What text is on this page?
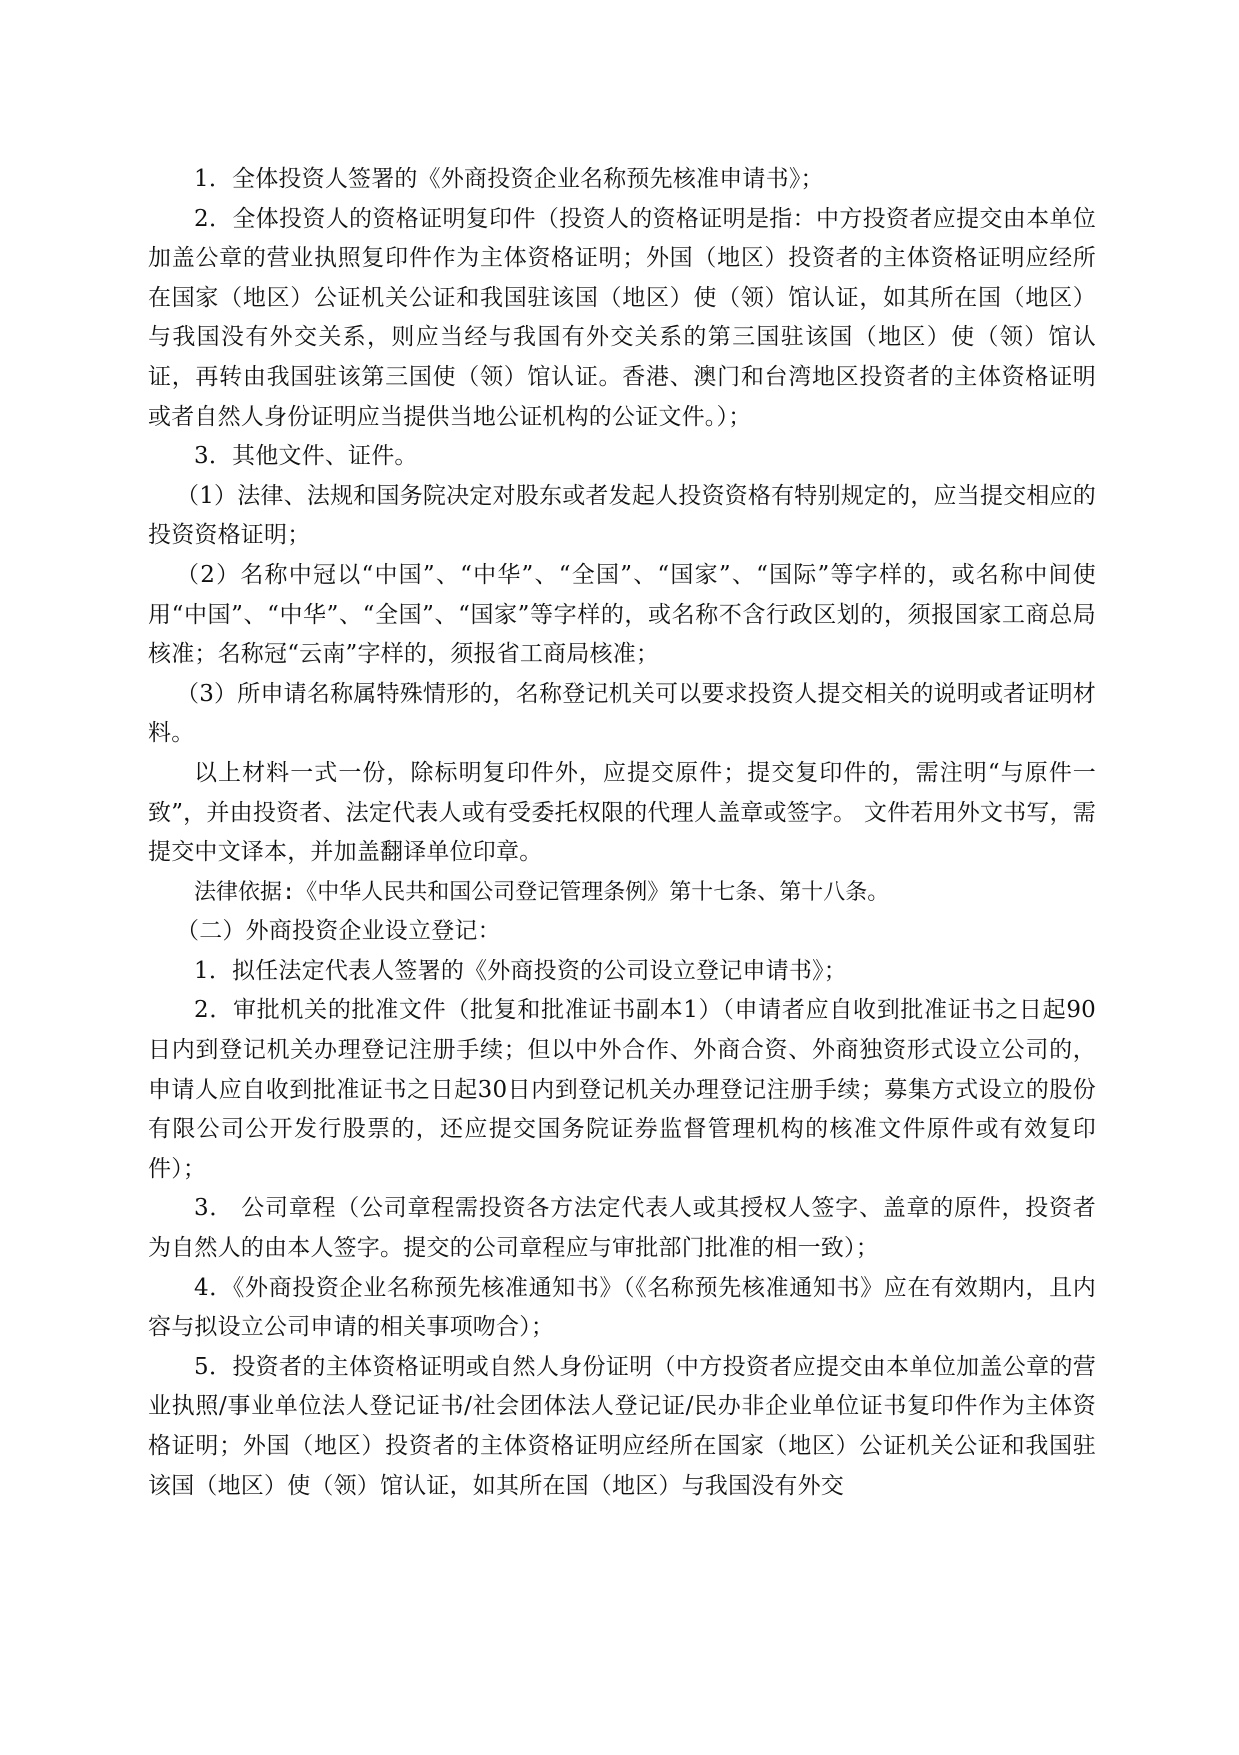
1．全体投资人签署的《外商投资企业名称预先核准申请书》；

2．全体投资人的资格证明复印件（投资人的资格证明是指：中方投资者应提交由本单位加盖公章的营业执照复印件作为主体资格证明；外国（地区）投资者的主体资格证明应经所在国家（地区）公证机关公证和我国驻该国（地区）使（领）馆认证，如其所在国（地区）与我国没有外交关系，则应当经与我国有外交关系的第三国驻该国（地区）使（领）馆认证，再转由我国驻该第三国使（领）馆认证。香港、澳门和台湾地区投资者的主体资格证明或者自然人身份证明应当提供当地公证机构的公证文件。）；

3．其他文件、证件。

（1）法律、法规和国务院决定对股东或者发起人投资资格有特别规定的，应当提交相应的投资资格证明；

（2）名称中冠以“中国”、“中华”、“全国”、“国家”、“国际”等字样的，或名称中间使用“中国”、“中华”、“全国”、“国家”等字样的，或名称不含行政区划的，须报国家工商总局核准；名称冠“云南”字样的，须报省工商局核准；

（3）所申请名称属特殊情形的，名称登记机关可以要求投资人提交相关的说明或者证明材料。

以上材料一式一份，除标明复印件外，应提交原件；提交复印件的，需注明“与原件一致”，并由投资者、法定代表人或有受委托权限的代理人盖章或签字。 文件若用外文书写，需提交中文译本，并加盖翻译单位印章。

法律依据:《中华人民共和国公司登记管理条例》第十七条、第十八条。

（二）外商投资企业设立登记：

1．拟任法定代表人签署的《外商投资的公司设立登记申请书》；

2．审批机关的批准文件（批复和批准证书副本1）（申请者应自收到批准证书之日起90日内到登记机关办理登记注册手续；但以中外合作、外商合资、外商独资形式设立公司的，申请人应自收到批准证书之日起30日内到登记机关办理登记注册手续；募集方式设立的股份有限公司公开发行股票的，还应提交国务院证券监督管理机构的核准文件原件或有效复印件）；

3． 公司章程（公司章程需投资各方法定代表人或其授权人签字、盖章的原件，投资者为自然人的由本人签字。提交的公司章程应与审批部门批准的相一致）；

4．《外商投资企业名称预先核准通知书》（《名称预先核准通知书》应在有效期内，且内容与拟设立公司申请的相关事项吻合）；

5．投资者的主体资格证明或自然人身份证明（中方投资者应提交由本单位加盖公章的营业执照/事业单位法人登记证书/社会团体法人登记证/民办非企业单位证书复印件作为主体资格证明；外国（地区）投资者的主体资格证明应经所在国家（地区）公证机关公证和我国驻该国（地区）使（领）馆认证，如其所在国（地区）与我国没有外交
